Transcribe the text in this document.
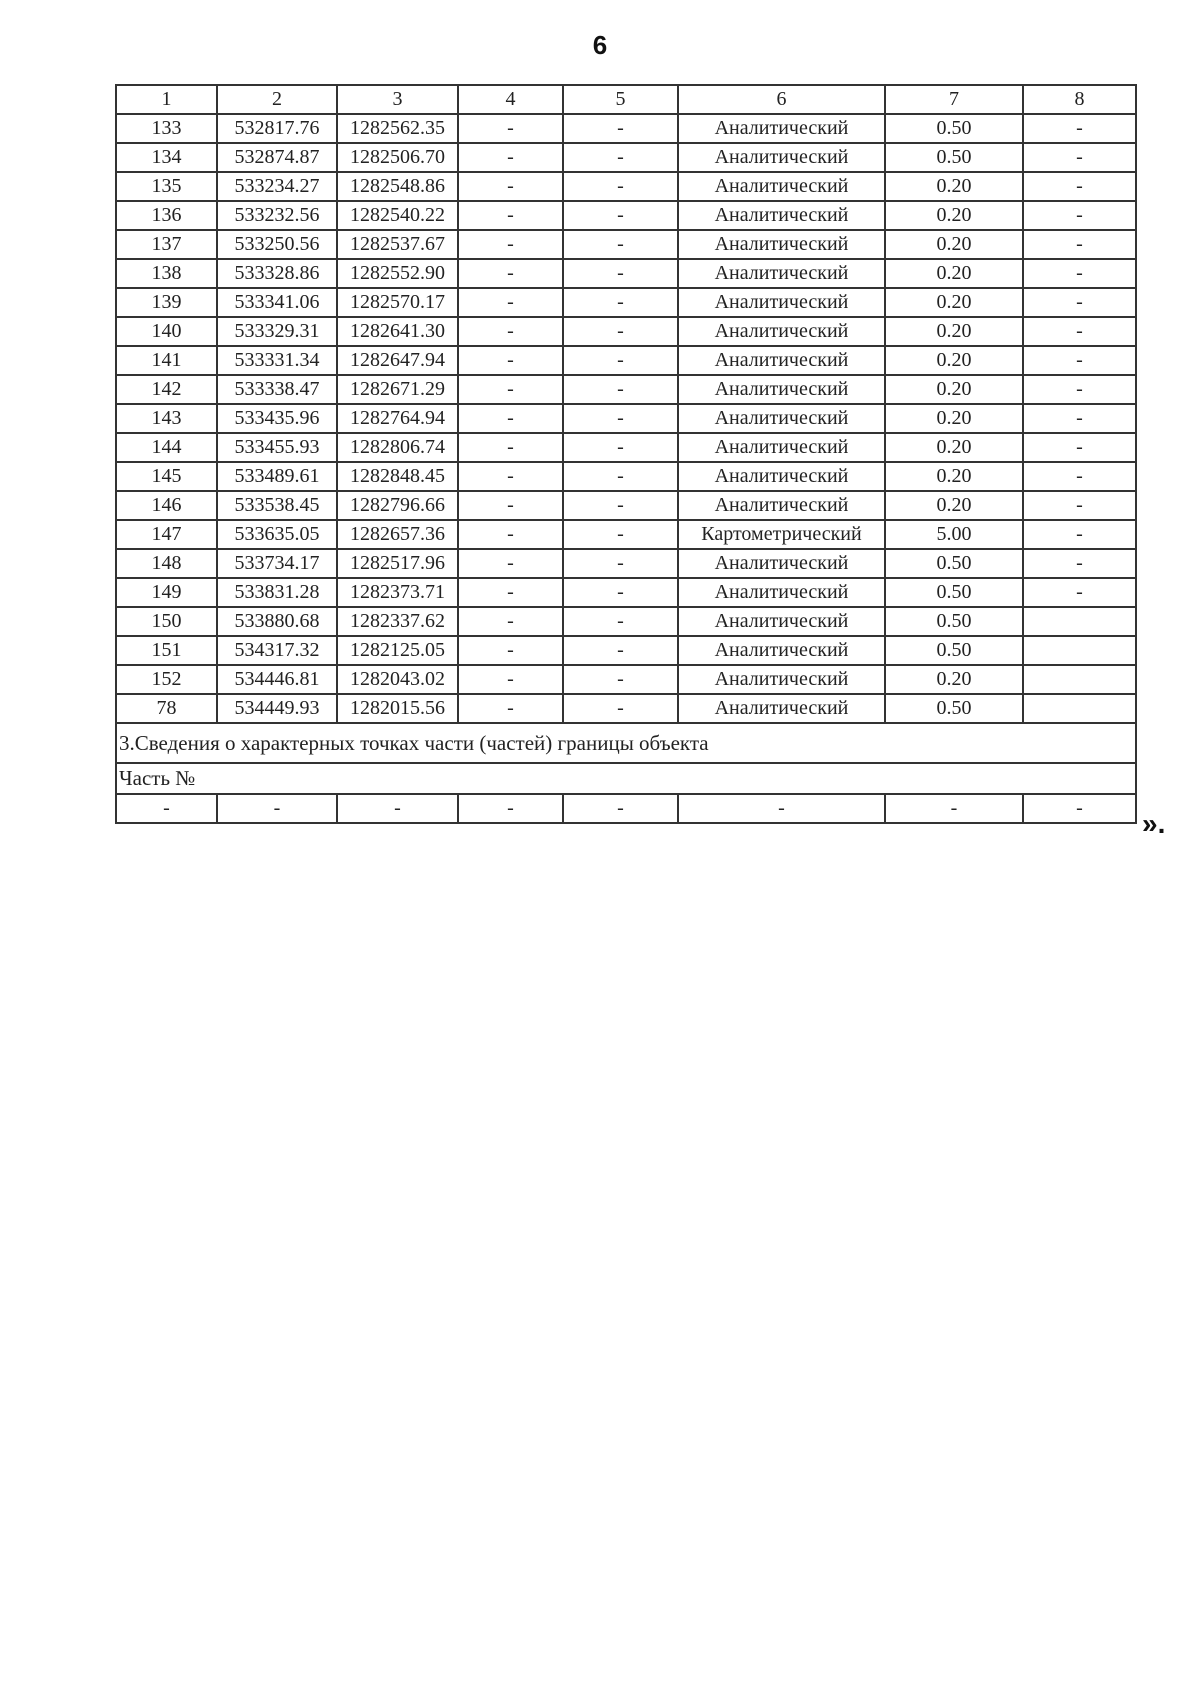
6
1	2	3	4	5	6	7	8
133	532817.76	1282562.35	-	-	Аналитический	0.50	-
134	532874.87	1282506.70	-	-	Аналитический	0.50	-
135	533234.27	1282548.86	-	-	Аналитический	0.20	-
136	533232.56	1282540.22	-	-	Аналитический	0.20	-
137	533250.56	1282537.67	-	-	Аналитический	0.20	-
138	533328.86	1282552.90	-	-	Аналитический	0.20	-
139	533341.06	1282570.17	-	-	Аналитический	0.20	-
140	533329.31	1282641.30	-	-	Аналитический	0.20	-
141	533331.34	1282647.94	-	-	Аналитический	0.20	-
142	533338.47	1282671.29	-	-	Аналитический	0.20	-
143	533435.96	1282764.94	-	-	Аналитический	0.20	-
144	533455.93	1282806.74	-	-	Аналитический	0.20	-
145	533489.61	1282848.45	-	-	Аналитический	0.20	-
146	533538.45	1282796.66	-	-	Аналитический	0.20	-
147	533635.05	1282657.36	-	-	Картометрический	5.00	-
148	533734.17	1282517.96	-	-	Аналитический	0.50	-
149	533831.28	1282373.71	-	-	Аналитический	0.50	-
150	533880.68	1282337.62	-	-	Аналитический	0.50	
151	534317.32	1282125.05	-	-	Аналитический	0.50	
152	534446.81	1282043.02	-	-	Аналитический	0.20	
78	534449.93	1282015.56	-	-	Аналитический	0.50	
3.Сведения о характерных точках части (частей) границы объекта							
Часть №							
-	-	-	-	-	-	-	- ».
